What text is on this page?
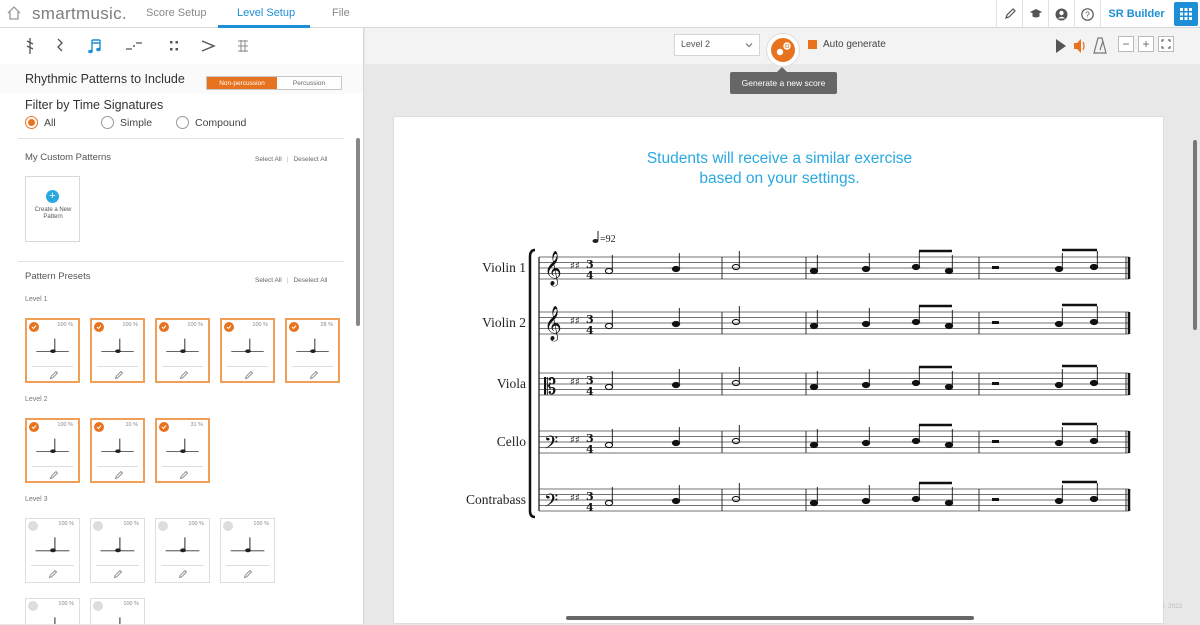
smartmusic. Score Setup	Level Setup	File	?	SR Builder
Rhythmic Patterns to Include	Non-percussion	Percussion
Filter by Time Signatures
All	Simple	Compound
My Custom Patterns	Select All | Deselect All
+
Create a New Pattern
Pattern Presets	Select All | Deselect All
Level 1
Level 2
Level 3
100 %	100 %	100 %	100 %	28 %
100 %	10 %	31 %
100 %	100 %	100 %	100 %
100 %	100 %
Level 2	Auto generate
Generate a new score
−	+
Students will receive a similar exercise
based on your settings.
=92
Violin 1
Violin 2
Viola
Cello
Contrabass
𝄞 3
4
♯♯
𝄞 3
4
♯♯
𝄡	3
4
♯♯
𝄢	3
4
♯♯
𝄢	3
4
♯♯
l, 2022
